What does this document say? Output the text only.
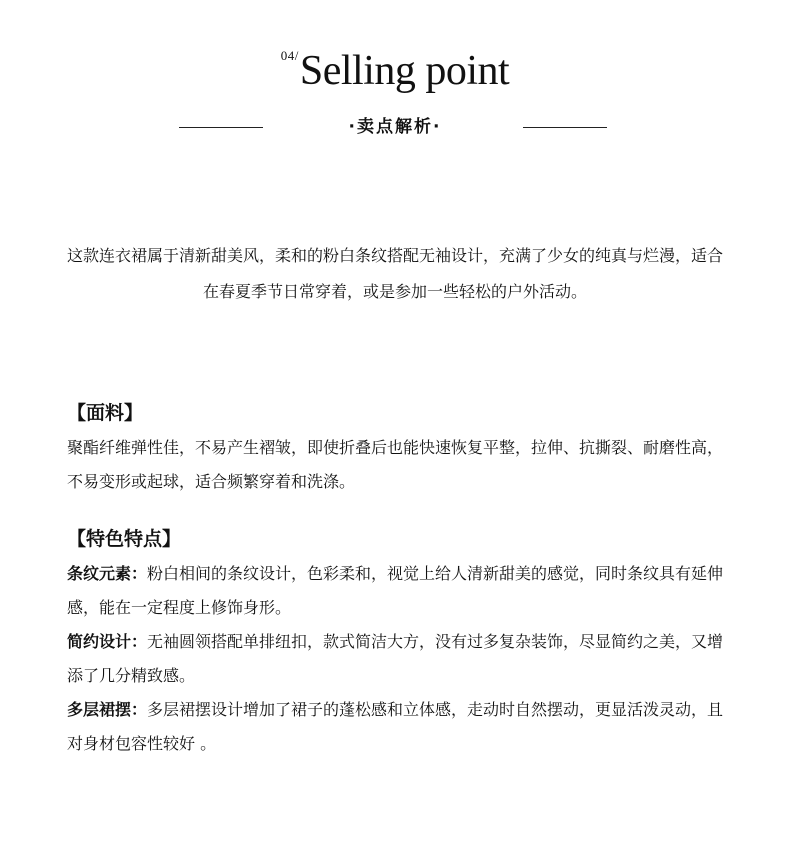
04/Selling point
·卖点解析·
这款连衣裙属于清新甜美风，柔和的粉白条纹搭配无袖设计，充满了少女的纯真与烂漫，适合在春夏季节日常穿着，或是参加一些轻松的户外活动。
【面料】

聚酯纤维弹性佳，不易产生褶皱，即使折叠后也能快速恢复平整，拉伸、抗撕裂、耐磨性高，不易变形或起球，适合频繁穿着和洗涤。

【特色特点】

条纹元素：粉白相间的条纹设计，色彩柔和，视觉上给人清新甜美的感觉，同时条纹具有延伸感，能在一定程度上修饰身形。

简约设计：无袖圆领搭配单排纽扣，款式简洁大方，没有过多复杂装饰，尽显简约之美，又增添了几分精致感。

多层裙摆：多层裙摆设计增加了裙子的蓬松感和立体感，走动时自然摆动，更显活泼灵动，且对身材包容性较好 。
